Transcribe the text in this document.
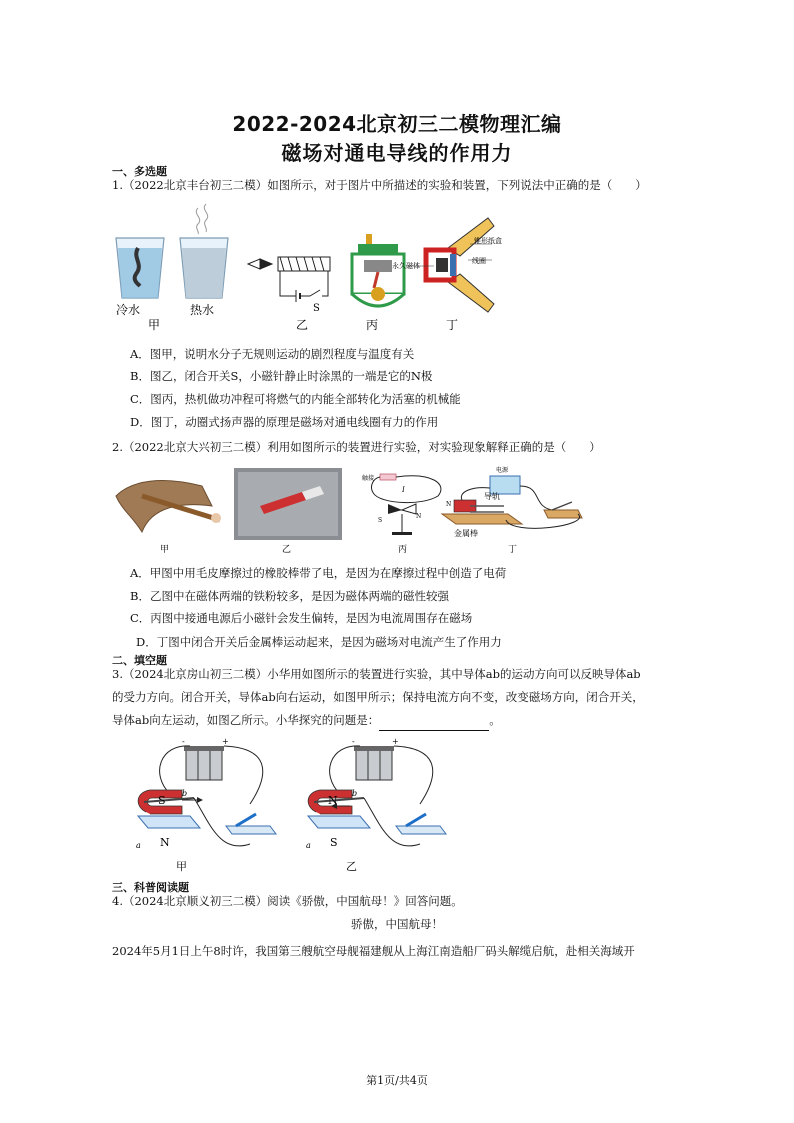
2022-2024北京初三二模物理汇编
磁场对通电导线的作用力
一、多选题
1.（2022北京丰台初三二模）如图所示，对于图片中所描述的实验和装置，下列说法中正确的是（　　）
冷水	热水
甲
S
乙	丙
锥形纸盒
永久磁体
线圈
丁
A．图甲，说明水分子无规则运动的剧烈程度与温度有关
B．图乙，闭合开关S，小磁针静止时涂黑的一端是它的N极
C．图丙，热机做功冲程可将燃气的内能全部转化为活塞的机械能
D．图丁，动圈式扬声器的原理是磁场对通电线圈有力的作用
2.（2022北京大兴初三二模）利用如图所示的装置进行实验，对实验现象解释正确的是（　　）
甲	乙
触接
I
S
N
丙
电源
导轨
N
金属棒
丁
A．甲图中用毛皮摩擦过的橡胶棒带了电，是因为在摩擦过程中创造了电荷
B．乙图中在磁体两端的铁粉较多，是因为磁体两端的磁性较强
C．丙图中接通电源后小磁针会发生偏转，是因为电流周围存在磁场
D．丁图中闭合开关后金属棒运动起来，是因为磁场对电流产生了作用力
二、填空题
3.（2024北京房山初三二模）小华用如图所示的装置进行实验，其中导体ab的运动方向可以反映导体ab
的受力方向。闭合开关，导体ab向右运动，如图甲所示；保持电流方向不变，改变磁场方向，闭合开关，
导体ab向左运动，如图乙所示。小华探究的问题是：	。
-	+
S
N
b
a
甲
-	+
N
S
b
a
乙
三、科普阅读题
4.（2024北京顺义初三二模）阅读《骄傲，中国航母！》回答问题。
骄傲，中国航母！
2024年5月1日上午8时许，我国第三艘航空母舰福建舰从上海江南造船厂码头解缆启航，赴相关海域开
第1页/共4页
